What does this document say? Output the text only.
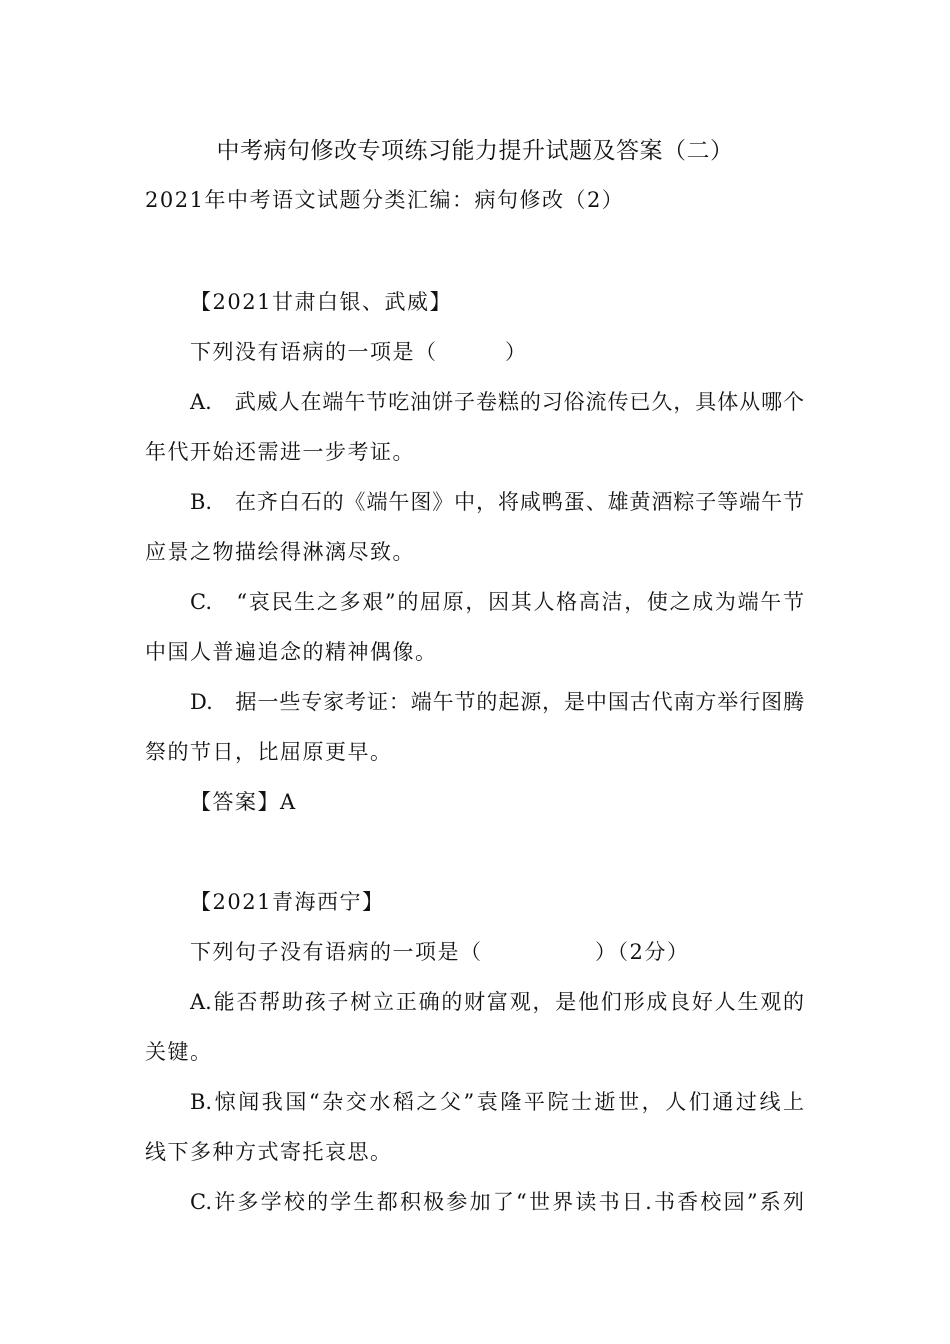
中考病句修改专项练习能力提升试题及答案（二）
2021年中考语文试题分类汇编：病句修改（2）
【2021甘肃白银、武威】
下列没有语病的一项是（　　　）
A.　武威人在端午节吃油饼子卷糕的习俗流传已久，具体从哪个
年代开始还需进一步考证。
B.　在齐白石的《端午图》中，将咸鸭蛋、雄黄酒粽子等端午节
应景之物描绘得淋漓尽致。
C.　“哀民生之多艰”的屈原，因其人格高洁，使之成为端午节
中国人普遍追念的精神偶像。
D.　据一些专家考证：端午节的起源，是中国古代南方举行图腾
祭的节日，比屈原更早。
【答案】A
【2021青海西宁】
下列句子没有语病的一项是（　　　　　）（2分）
A.能否帮助孩子树立正确的财富观，是他们形成良好人生观的
关键。
B.惊闻我国“杂交水稻之父”袁隆平院士逝世，人们通过线上
线下多种方式寄托哀思。
C.许多学校的学生都积极参加了“世界读书日.书香校园”系列
